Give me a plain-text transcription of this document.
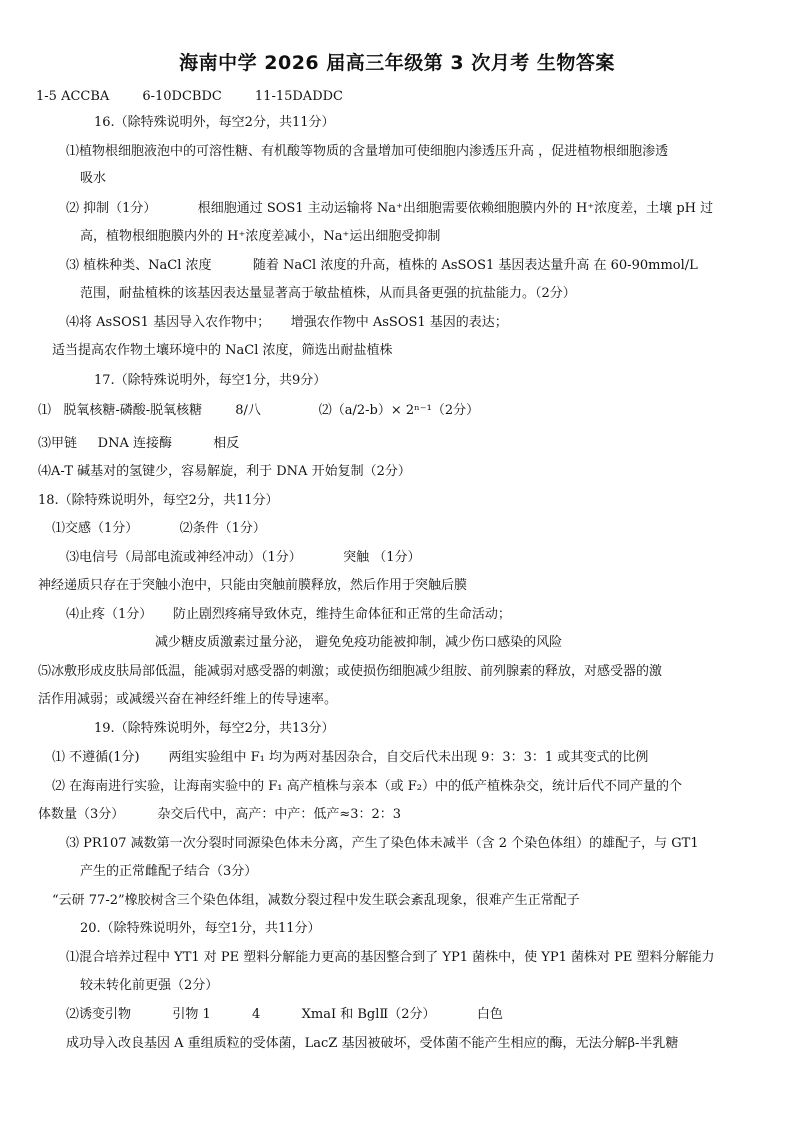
海南中学 2026 届高三年级第 3 次月考 生物答案
1-5 ACCBA        6-10DCBDC        11-15DADDC
16.（除特殊说明外，每空2分，共11分）
⑴植物根细胞液泡中的可溶性糖、有机酸等物质的含量增加可使细胞内渗透压升高 ，促进植物根细胞渗透
吸水
⑵ 抑制（1分）          根细胞通过 SOS1 主动运输将 Na⁺出细胞需要依赖细胞膜内外的 H⁺浓度差，土壤 pH 过
高，植物根细胞膜内外的 H⁺浓度差减小，Na⁺运出细胞受抑制
⑶ 植株种类、NaCl 浓度          随着 NaCl 浓度的升高，植株的 AsSOS1 基因表达量升高 在 60-90mmol/L
范围，耐盐植株的该基因表达量显著高于敏盐植株，从而具备更强的抗盐能力。（2分）
⑷将 AsSOS1 基因导入农作物中；     增强农作物中 AsSOS1 基因的表达；
适当提高农作物土壤环境中的 NaCl 浓度，筛选出耐盐植株
17.（除特殊说明外，每空1分，共9分）
⑴   脱氧核糖-磷酸-脱氧核糖        8/八              ⑵（a/2-b）× 2ⁿ⁻¹（2分）
⑶甲链     DNA 连接酶          相反
⑷A-T 碱基对的氢键少，容易解旋，利于 DNA 开始复制（2分）
18.（除特殊说明外，每空2分，共11分）
⑴交感（1分）          ⑵条件（1分）
⑶电信号（局部电流或神经冲动）（1分）          突触 （1分）
神经递质只存在于突触小泡中，只能由突触前膜释放，然后作用于突触后膜
⑷止疼（1分）     防止剧烈疼痛导致休克，维持生命体征和正常的生命活动；
减少糖皮质激素过量分泌， 避免免疫功能被抑制，减少伤口感染的风险
⑸冰敷形成皮肤局部低温，能减弱对感受器的刺激；或使损伤细胞减少组胺、前列腺素的释放，对感受器的激
活作用减弱；或减缓兴奋在神经纤维上的传导速率。
19.（除特殊说明外，每空2分，共13分）
⑴ 不遵循(1分)       两组实验组中 F₁ 均为两对基因杂合，自交后代未出现 9：3：3：1 或其变式的比例
⑵ 在海南进行实验，让海南实验中的 F₁ 高产植株与亲本（或 F₂）中的低产植株杂交，统计后代不同产量的个
体数量（3分）        杂交后代中，高产：中产：低产≈3：2：3
⑶ PR107 减数第一次分裂时同源染色体未分离，产生了染色体未减半（含 2 个染色体组）的雄配子，与 GT1
产生的正常雌配子结合（3分）
“云研 77-2”橡胶树含三个染色体组，减数分裂过程中发生联会紊乱现象，很难产生正常配子
20.（除特殊说明外，每空1分，共11分）
⑴混合培养过程中 YT1 对 PE 塑料分解能力更高的基因整合到了 YP1 菌株中，使 YP1 菌株对 PE 塑料分解能力
较未转化前更强（2分）
⑵诱变引物          引物 1          4          XmaI 和 BglⅡ（2分）          白色
成功导入改良基因 A 重组质粒的受体菌，LacZ 基因被破坏，受体菌不能产生相应的酶，无法分解β-半乳糖
